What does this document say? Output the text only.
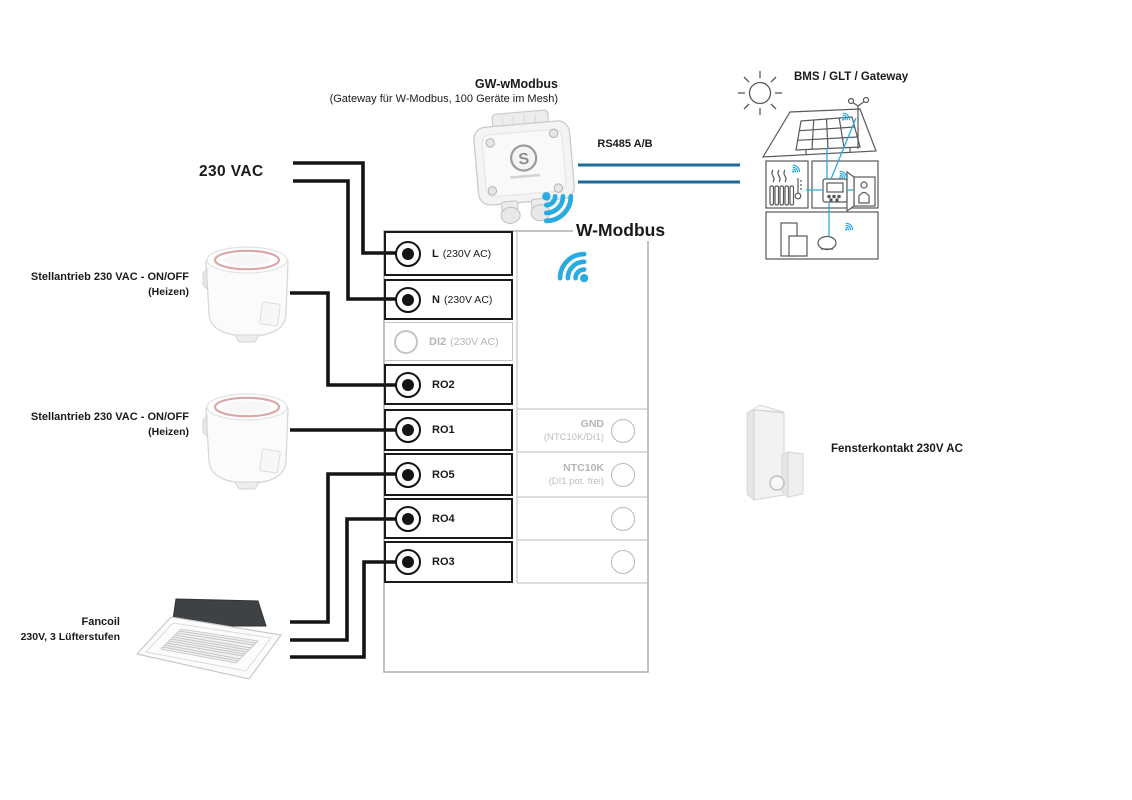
S
230 VAC
GW-wModbus
(Gateway für W-Modbus, 100 Geräte im Mesh)
RS485 A/B
BMS / GLT / Gateway
W-Modbus
Stellantrieb 230 VAC - ON/OFF
(Heizen)
Stellantrieb 230 VAC - ON/OFF
(Heizen)
Fancoil
230V, 3 Lüfterstufen
Fensterkontakt 230V AC
L (230V AC)
N (230V AC)
DI2 (230V AC)
RO2
RO1
RO5
RO4
RO3
GND
(NTC10K/DI1)
NTC10K
(DI1 pot. frei)
